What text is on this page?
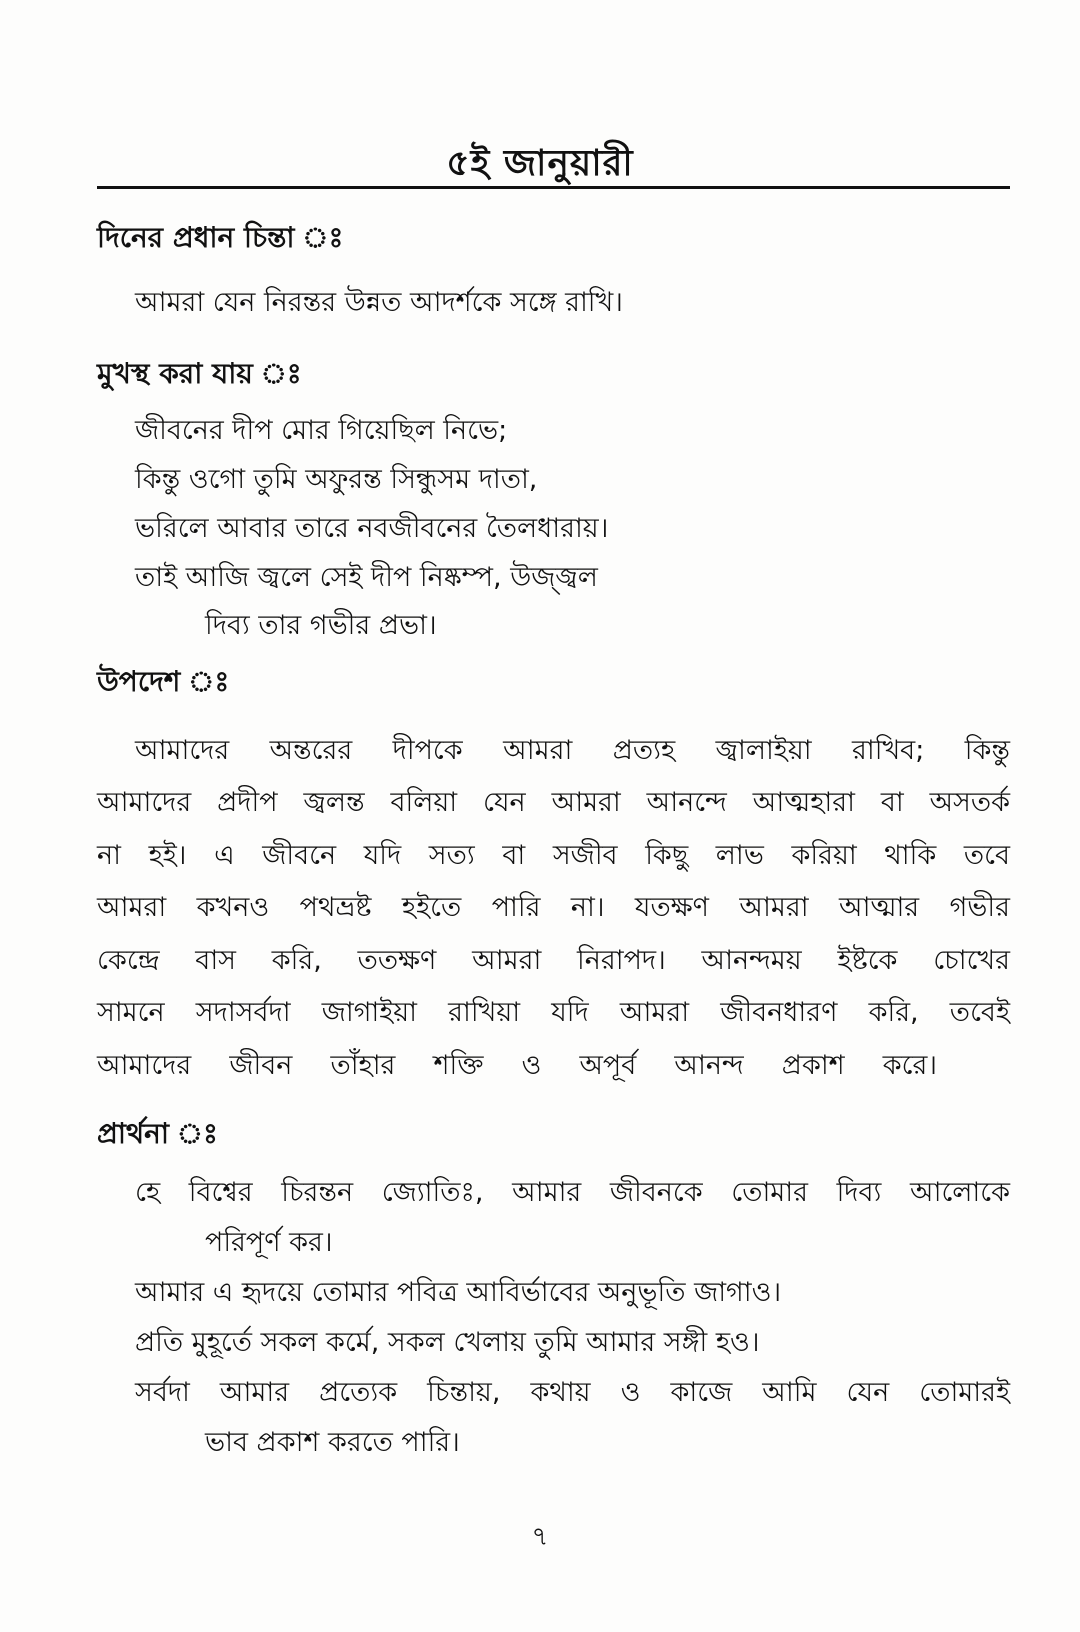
৫ই জানুয়ারী
দিনের প্রধান চিন্তা ঃ
আমরা যেন নিরন্তর উন্নত আদর্শকে সঙ্গে রাখি।
মুখস্থ করা যায় ঃ
জীবনের দীপ মোর গিয়েছিল নিভে;
কিন্তু ওগো তুমি অফুরন্ত সিন্ধুসম দাতা,
ভরিলে আবার তারে নবজীবনের তৈলধারায়।
তাই আজি জ্বলে সেই দীপ নিষ্কম্প, উজ্জ্বল
দিব্য তার গভীর প্রভা।
উপদেশ ঃ
আমাদের অন্তরের দীপকে আমরা প্রত্যহ জ্বালাইয়া রাখিব; কিন্তু
আমাদের প্রদীপ জ্বলন্ত বলিয়া যেন আমরা আনন্দে আত্মহারা বা অসতর্ক
না হই। এ জীবনে যদি সত্য বা সজীব কিছু লাভ করিয়া থাকি তবে
আমরা কখনও পথভ্রষ্ট হইতে পারি না। যতক্ষণ আমরা আত্মার গভীর
কেন্দ্রে বাস করি, ততক্ষণ আমরা নিরাপদ। আনন্দময় ইষ্টকে চোখের
সামনে সদাসর্বদা জাগাইয়া রাখিয়া যদি আমরা জীবনধারণ করি, তবেই
আমাদের জীবন তাঁহার শক্তি ও অপূর্ব আনন্দ প্রকাশ করে।
প্রার্থনা ঃ
হে বিশ্বের চিরন্তন জ্যোতিঃ, আমার জীবনকে তোমার দিব্য আলোকে
পরিপূর্ণ কর।
আমার এ হৃদয়ে তোমার পবিত্র আবির্ভাবের অনুভূতি জাগাও।
প্রতি মুহূর্তে সকল কর্মে, সকল খেলায় তুমি আমার সঙ্গী হও।
সর্বদা আমার প্রত্যেক চিন্তায়, কথায় ও কাজে আমি যেন তোমারই
ভাব প্রকাশ করতে পারি।
৭
